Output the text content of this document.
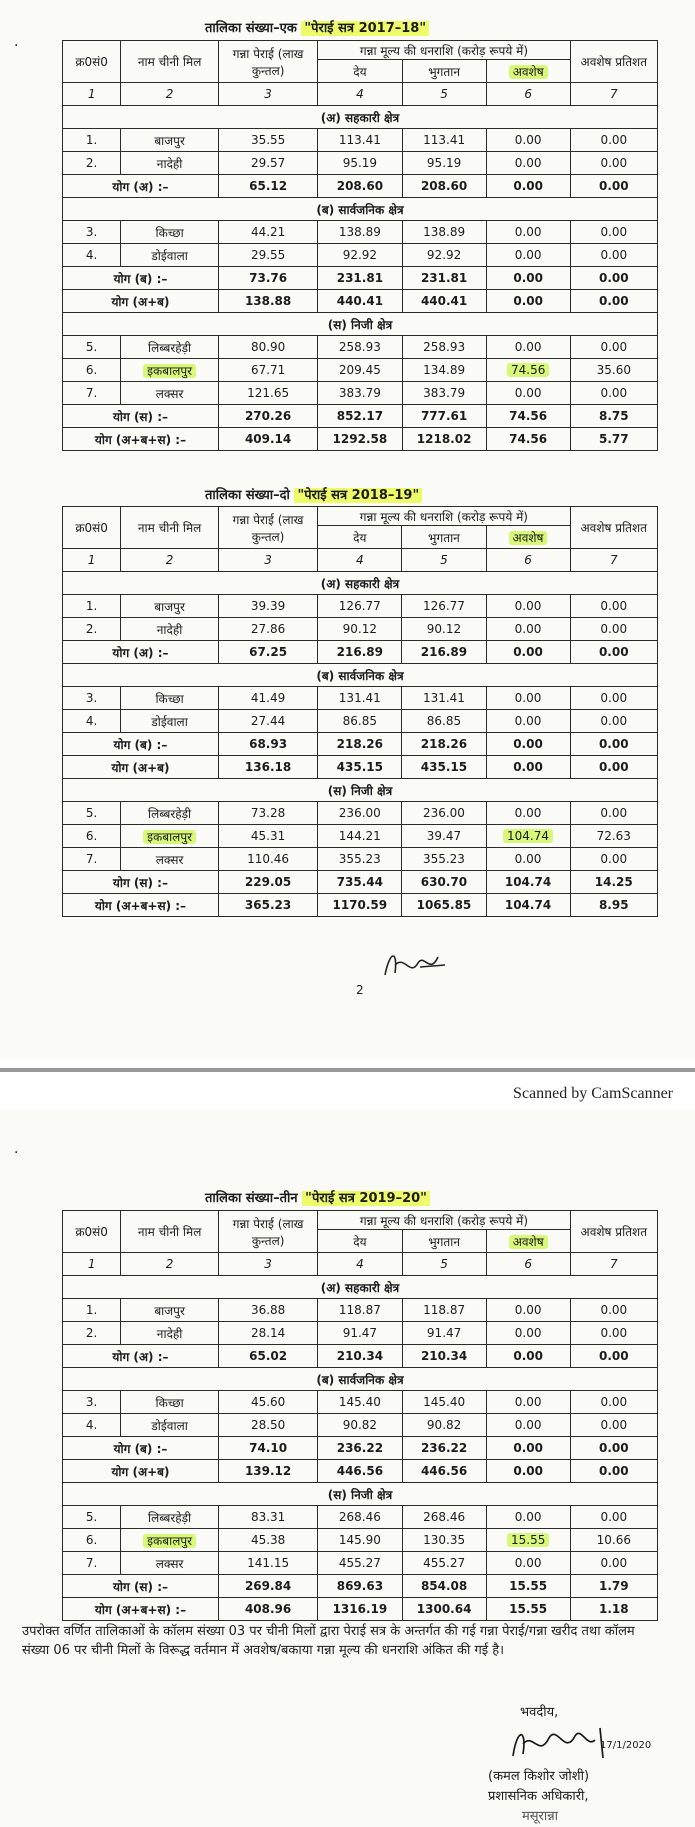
Scanned by CamScanner
·
·
तालिका संख्या–एक "पेराई सत्र 2017–18"
क्र0सं0	नाम चीनी मिल	गन्ना पेराई (लाख कुन्तल)	गन्ना मूल्य की धनराशि (करोड़ रूपये में)			अवशेष प्रतिशत
			देय	भुगतान	अवशेष	
1	2	3	4	5	6	7
(अ) सहकारी क्षेत्र						
1.	बाजपुर	35.55	113.41	113.41	0.00	0.00
2.	नादेही	29.57	95.19	95.19	0.00	0.00
योग (अ) :–		65.12	208.60	208.60	0.00	0.00
(ब) सार्वजनिक क्षेत्र						
3.	किच्छा	44.21	138.89	138.89	0.00	0.00
4.	डोईवाला	29.55	92.92	92.92	0.00	0.00
योग (ब) :–		73.76	231.81	231.81	0.00	0.00
योग (अ+ब)		138.88	440.41	440.41	0.00	0.00
(स) निजी क्षेत्र						
5.	लिब्बरहेड़ी	80.90	258.93	258.93	0.00	0.00
6.	इकबालपुर	67.71	209.45	134.89	74.56	35.60
7.	लक्सर	121.65	383.79	383.79	0.00	0.00
योग (स) :–		270.26	852.17	777.61	74.56	8.75
योग (अ+ब+स) :–		409.14	1292.58	1218.02	74.56	5.77
तालिका संख्या–दो "पेराई सत्र 2018–19"
क्र0सं0	नाम चीनी मिल	गन्ना पेराई (लाख कुन्तल)	गन्ना मूल्य की धनराशि (करोड़ रूपये में)			अवशेष प्रतिशत
			देय	भुगतान	अवशेष	
1	2	3	4	5	6	7
(अ) सहकारी क्षेत्र						
1.	बाजपुर	39.39	126.77	126.77	0.00	0.00
2.	नादेही	27.86	90.12	90.12	0.00	0.00
योग (अ) :–		67.25	216.89	216.89	0.00	0.00
(ब) सार्वजनिक क्षेत्र						
3.	किच्छा	41.49	131.41	131.41	0.00	0.00
4.	डोईवाला	27.44	86.85	86.85	0.00	0.00
योग (ब) :–		68.93	218.26	218.26	0.00	0.00
योग (अ+ब)		136.18	435.15	435.15	0.00	0.00
(स) निजी क्षेत्र						
5.	लिब्बरहेड़ी	73.28	236.00	236.00	0.00	0.00
6.	इकबालपुर	45.31	144.21	39.47	104.74	72.63
7.	लक्सर	110.46	355.23	355.23	0.00	0.00
योग (स) :–		229.05	735.44	630.70	104.74	14.25
योग (अ+ब+स) :–		365.23	1170.59	1065.85	104.74	8.95
2
तालिका संख्या–तीन "पेराई सत्र 2019–20"
क्र0सं0	नाम चीनी मिल	गन्ना पेराई (लाख कुन्तल)	गन्ना मूल्य की धनराशि (करोड़ रूपये में)			अवशेष प्रतिशत
			देय	भुगतान	अवशेष	
1	2	3	4	5	6	7
(अ) सहकारी क्षेत्र						
1.	बाजपुर	36.88	118.87	118.87	0.00	0.00
2.	नादेही	28.14	91.47	91.47	0.00	0.00
योग (अ) :–		65.02	210.34	210.34	0.00	0.00
(ब) सार्वजनिक क्षेत्र						
3.	किच्छा	45.60	145.40	145.40	0.00	0.00
4.	डोईवाला	28.50	90.82	90.82	0.00	0.00
योग (ब) :–		74.10	236.22	236.22	0.00	0.00
योग (अ+ब)		139.12	446.56	446.56	0.00	0.00
(स) निजी क्षेत्र						
5.	लिब्बरहेड़ी	83.31	268.46	268.46	0.00	0.00
6.	इकबालपुर	45.38	145.90	130.35	15.55	10.66
7.	लक्सर	141.15	455.27	455.27	0.00	0.00
योग (स) :–		269.84	869.63	854.08	15.55	1.79
योग (अ+ब+स) :–		408.96	1316.19	1300.64	15.55	1.18
उपरोक्त वर्णित तालिकाओं के कॉलम संख्या 03 पर चीनी मिलों द्वारा पेराई सत्र के अन्तर्गत की गई गन्ना पेराई/गन्ना खरीद तथा कॉलम संख्या 06 पर चीनी मिलों के विरूद्ध वर्तमान में अवशेष/बकाया गन्ना मूल्य की धनराशि अंकित की गई है।
भवदीय,
17/1/2020
(कमल किशोर जोशी)
प्रशासनिक अधिकारी,
मसूरान्ना
